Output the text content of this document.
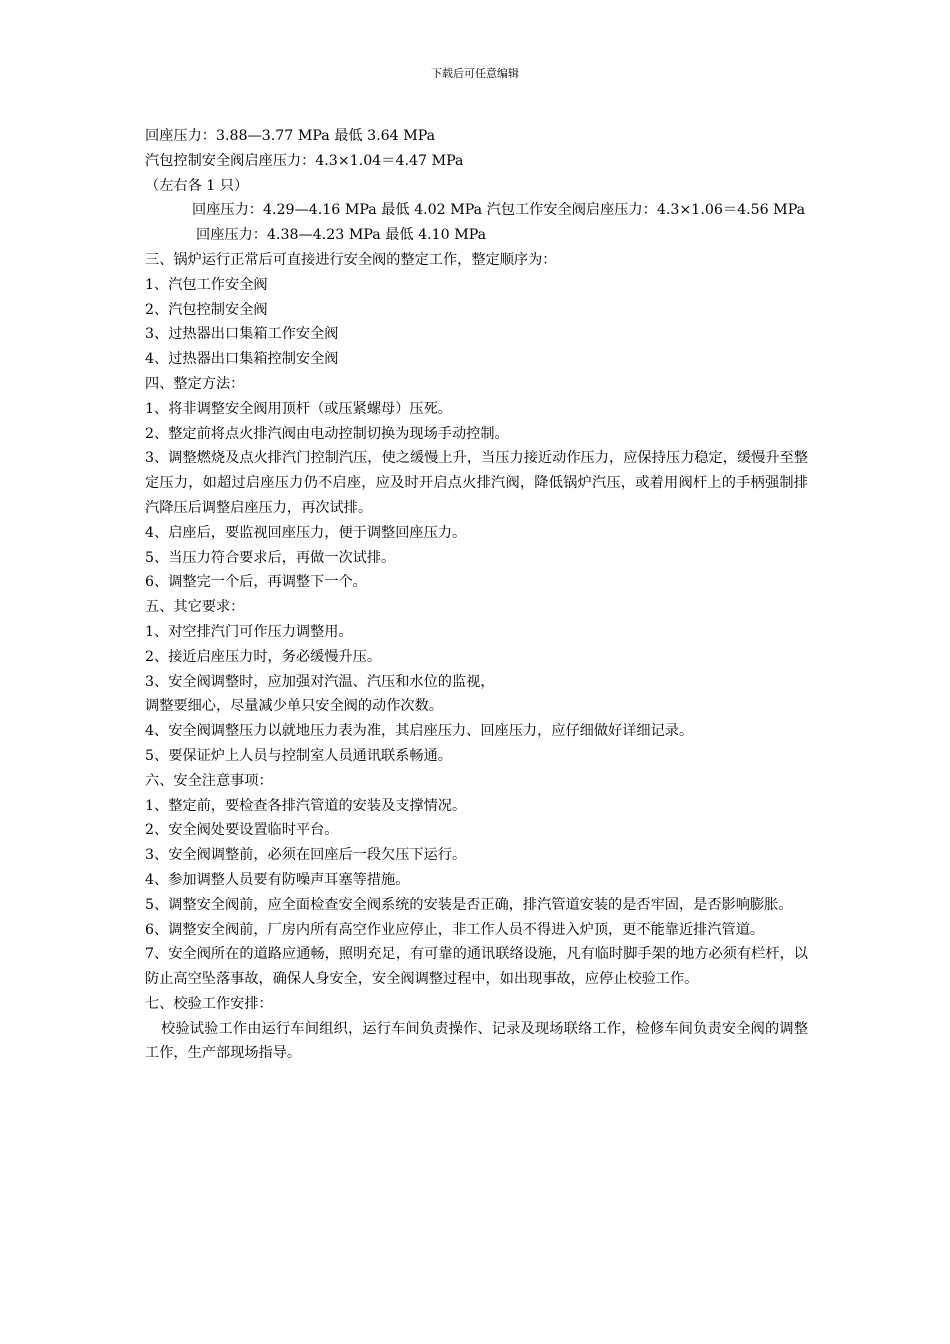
下载后可任意编辑
回座压力：3.88—3.77 MPa 最低 3.64 MPa
汽包控制安全阀启座压力：4.3×1.04＝4.47 MPa
（左右各 1 只）
回座压力：4.29—4.16 MPa 最低 4.02 MPa 汽包工作安全阀启座压力：4.3×1.06＝4.56 MPa
回座压力：4.38—4.23 MPa 最低 4.10 MPa
三、锅炉运行正常后可直接进行安全阀的整定工作，整定顺序为：
1、汽包工作安全阀
2、汽包控制安全阀
3、过热器出口集箱工作安全阀
4、过热器出口集箱控制安全阀
四、整定方法：
1、将非调整安全阀用顶杆（或压紧螺母）压死。
2、整定前将点火排汽阀由电动控制切换为现场手动控制。
3、调整燃烧及点火排汽门控制汽压，使之缓慢上升，当压力接近动作压力，应保持压力稳定，缓慢升至整定压力，如超过启座压力仍不启座，应及时开启点火排汽阀，降低锅炉汽压，或着用阀杆上的手柄强制排汽降压后调整启座压力，再次试排。
4、启座后，要监视回座压力，便于调整回座压力。
5、当压力符合要求后，再做一次试排。
6、调整完一个后，再调整下一个。
五、其它要求：
1、对空排汽门可作压力调整用。
2、接近启座压力时，务必缓慢升压。
3、安全阀调整时，应加强对汽温、汽压和水位的监视，
调整要细心，尽量减少单只安全阀的动作次数。
4、安全阀调整压力以就地压力表为准，其启座压力、回座压力，应仔细做好详细记录。
5、要保证炉上人员与控制室人员通讯联系畅通。
六、安全注意事项：
1、整定前，要检查各排汽管道的安装及支撑情况。
2、安全阀处要设置临时平台。
3、安全阀调整前，必须在回座后一段欠压下运行。
4、参加调整人员要有防噪声耳塞等措施。
5、调整安全阀前，应全面检查安全阀系统的安装是否正确，排汽管道安装的是否牢固，是否影响膨胀。
6、调整安全阀前，厂房内所有高空作业应停止，非工作人员不得进入炉顶，更不能靠近排汽管道。
7、安全阀所在的道路应通畅，照明充足，有可靠的通讯联络设施，凡有临时脚手架的地方必须有栏杆，以防止高空坠落事故，确保人身安全，安全阀调整过程中，如出现事故，应停止校验工作。
七、校验工作安排：
校验试验工作由运行车间组织，运行车间负责操作、记录及现场联络工作，检修车间负责安全阀的调整工作，生产部现场指导。
